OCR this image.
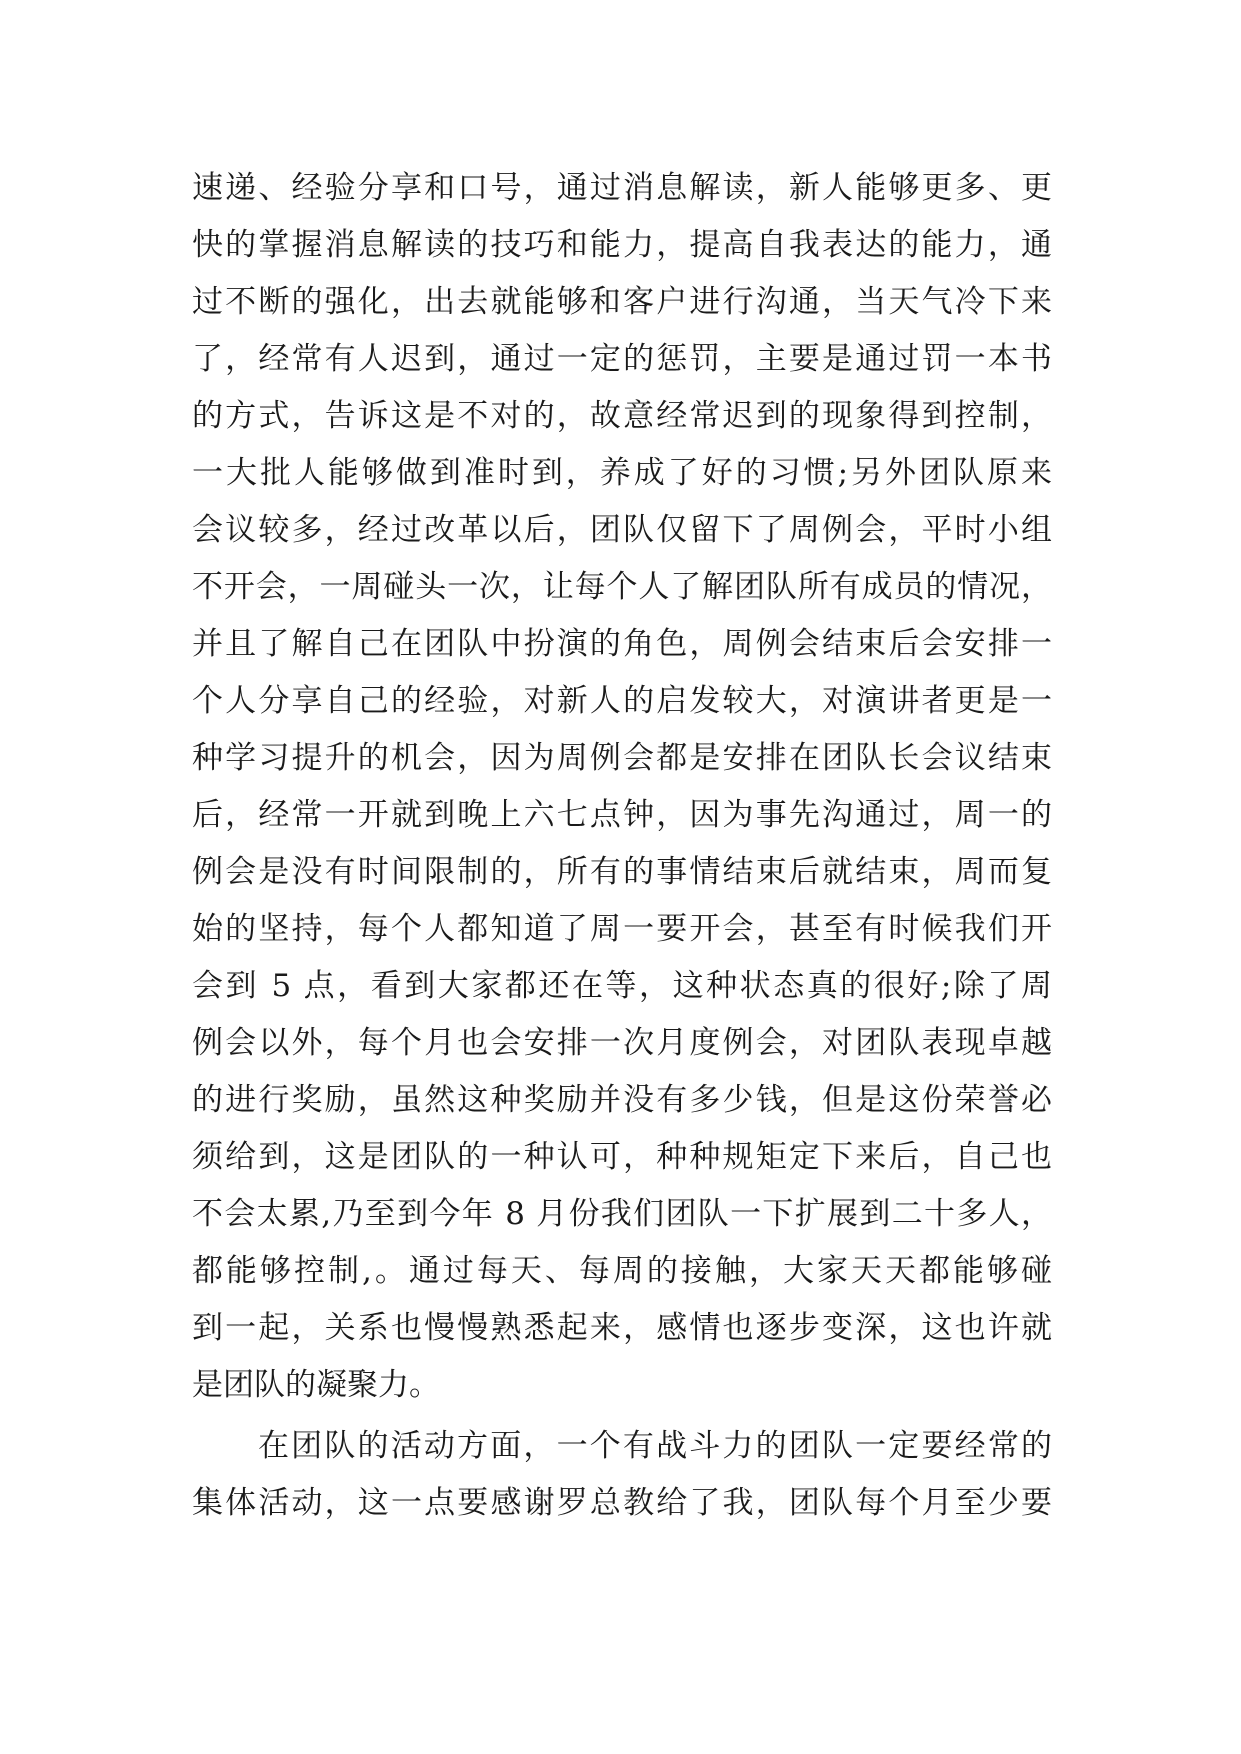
速递、经验分享和口号，通过消息解读，新人能够更多、更
快的掌握消息解读的技巧和能力，提高自我表达的能力，通
过不断的强化，出去就能够和客户进行沟通，当天气冷下来
了，经常有人迟到，通过一定的惩罚，主要是通过罚一本书
的方式，告诉这是不对的，故意经常迟到的现象得到控制，
一大批人能够做到准时到，养成了好的习惯;另外团队原来
会议较多，经过改革以后，团队仅留下了周例会，平时小组
不开会，一周碰头一次，让每个人了解团队所有成员的情况，
并且了解自己在团队中扮演的角色，周例会结束后会安排一
个人分享自己的经验，对新人的启发较大，对演讲者更是一
种学习提升的机会，因为周例会都是安排在团队长会议结束
后，经常一开就到晚上六七点钟，因为事先沟通过，周一的
例会是没有时间限制的，所有的事情结束后就结束，周而复
始的坚持，每个人都知道了周一要开会，甚至有时候我们开
会到 5 点，看到大家都还在等，这种状态真的很好;除了周
例会以外，每个月也会安排一次月度例会，对团队表现卓越
的进行奖励，虽然这种奖励并没有多少钱，但是这份荣誉必
须给到，这是团队的一种认可，种种规矩定下来后，自己也
不会太累,乃至到今年 8 月份我们团队一下扩展到二十多人，
都能够控制,。通过每天、每周的接触，大家天天都能够碰
到一起，关系也慢慢熟悉起来，感情也逐步变深，这也许就
是团队的凝聚力。
在团队的活动方面，一个有战斗力的团队一定要经常的
集体活动，这一点要感谢罗总教给了我，团队每个月至少要
